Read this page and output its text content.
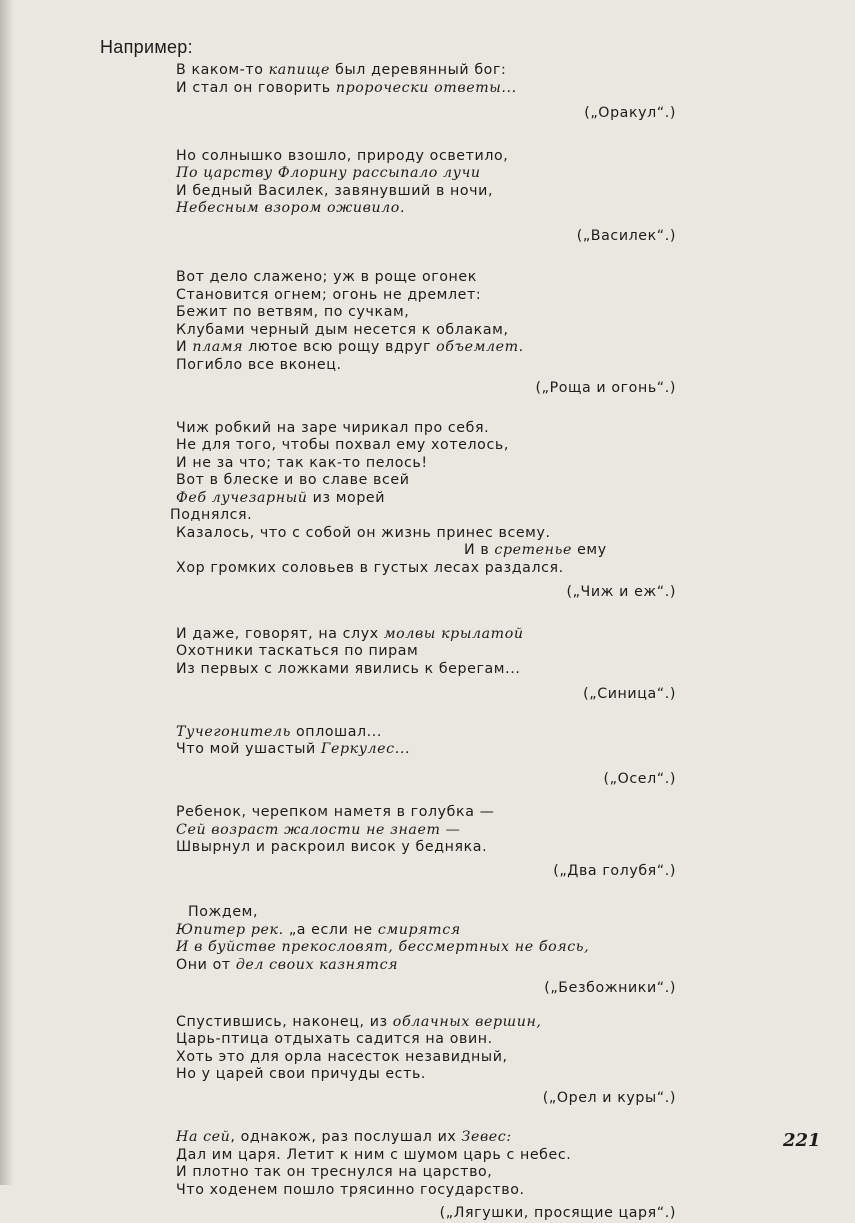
Например:
В каком-то капище был деревянный бог:
И стал он говорить пророчески ответы...
(„Оракул“.)
Но солнышко взошло, природу осветило,
По царству Флорину рассыпало лучи
И бедный Василек, завянувший в ночи,
Небесным взором оживило.
(„Василек“.)
Вот дело слажено; уж в роще огонек
Становится огнем; огонь не дремлет:
Бежит по ветвям, по сучкам,
Клубами черный дым несется к облакам,
И пламя лютое всю рощу вдруг объемлет.
Погибло все вконец.
(„Роща и огонь“.)
Чиж робкий на заре чирикал про себя.
Не для того, чтобы похвал ему хотелось,
И не за что; так как-то пелось!
Вот в блеске и во славе всей
Феб лучезарный из морей
Поднялся.
Казалось, что с собой он жизнь принес всему.
И в сретенье ему
Хор громких соловьев в густых лесах раздался.
(„Чиж и еж“.)
И даже, говорят, на слух молвы крылатой
Охотники таскаться по пирам
Из первых с ложками явились к берегам...
(„Синица“.)
Тучегонитель оплошал...
Что мой ушастый Геркулес...
(„Осел“.)
Ребенок, черепком наметя в голубка —
Сей возраст жалости не знает —
Швырнул и раскроил висок у бедняка.
(„Два голубя“.)
Пождем,
Юпитер рек. „а если не смирятся
И в буйстве прекословят, бессмертных не боясь,
Они от дел своих казнятся
(„Безбожники“.)
Спустившись, наконец, из облачных вершин,
Царь-птица отдыхать садится на овин.
Хоть это для орла насесток незавидный,
Но у царей свои причуды есть.
(„Орел и куры“.)
На сей, однакож, раз послушал их Зевес:
Дал им царя. Летит к ним с шумом царь с небес.
И плотно так он треснулся на царство,
Что ходенем пошло трясинно государство.
(„Лягушки, просящие царя“.)
221
